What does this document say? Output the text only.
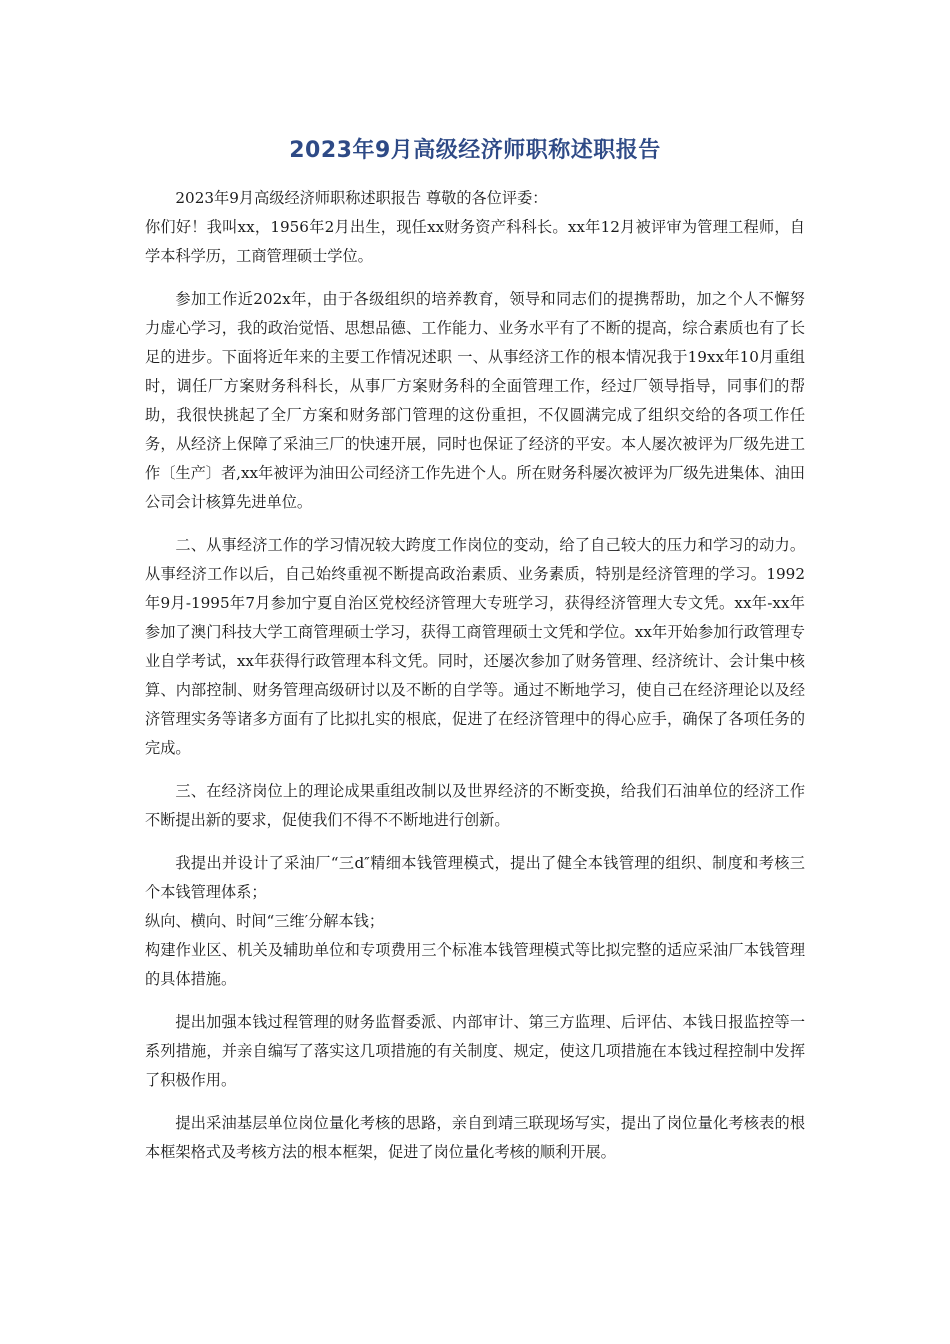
2023年9月高级经济师职称述职报告

2023年9月高级经济师职称述职报告 尊敬的各位评委：

你们好！我叫xx，1956年2月出生，现任xx财务资产科科长。xx年12月被评审为管理工程师，自学本科学历，工商管理硕士学位。

参加工作近202x年，由于各级组织的培养教育，领导和同志们的提携帮助，加之个人不懈努力虚心学习，我的政治觉悟、思想品德、工作能力、业务水平有了不断的提高，综合素质也有了长足的进步。下面将近年来的主要工作情况述职 一、从事经济工作的根本情况我于19xx年10月重组时，调任厂方案财务科科长，从事厂方案财务科的全面管理工作，经过厂领导指导，同事们的帮助，我很快挑起了全厂方案和财务部门管理的这份重担，不仅圆满完成了组织交给的各项工作任务，从经济上保障了采油三厂的快速开展，同时也保证了经济的平安。本人屡次被评为厂级先进工作〔生产〕者,xx年被评为油田公司经济工作先进个人。所在财务科屡次被评为厂级先进集体、油田公司会计核算先进单位。

二、从事经济工作的学习情况较大跨度工作岗位的变动，给了自己较大的压力和学习的动力。从事经济工作以后，自己始终重视不断提高政治素质、业务素质，特别是经济管理的学习。1992年9月-1995年7月参加宁夏自治区党校经济管理大专班学习，获得经济管理大专文凭。xx年-xx年参加了澳门科技大学工商管理硕士学习，获得工商管理硕士文凭和学位。xx年开始参加行政管理专业自学考试，xx年获得行政管理本科文凭。同时，还屡次参加了财务管理、经济统计、会计集中核算、内部控制、财务管理高级研讨以及不断的自学等。通过不断地学习，使自己在经济理论以及经济管理实务等诸多方面有了比拟扎实的根底，促进了在经济管理中的得心应手，确保了各项任务的完成。

三、在经济岗位上的理论成果重组改制以及世界经济的不断变换，给我们石油单位的经济工作不断提出新的要求，促使我们不得不不断地进行创新。

我提出并设计了采油厂“三d″精细本钱管理模式，提出了健全本钱管理的组织、制度和考核三个本钱管理体系；

纵向、横向、时间“三维′分解本钱；

构建作业区、机关及辅助单位和专项费用三个标准本钱管理模式等比拟完整的适应采油厂本钱管理的具体措施。

提出加强本钱过程管理的财务监督委派、内部审计、第三方监理、后评估、本钱日报监控等一系列措施，并亲自编写了落实这几项措施的有关制度、规定，使这几项措施在本钱过程控制中发挥了积极作用。

提出采油基层单位岗位量化考核的思路，亲自到靖三联现场写实，提出了岗位量化考核表的根本框架格式及考核方法的根本框架，促进了岗位量化考核的顺利开展。
